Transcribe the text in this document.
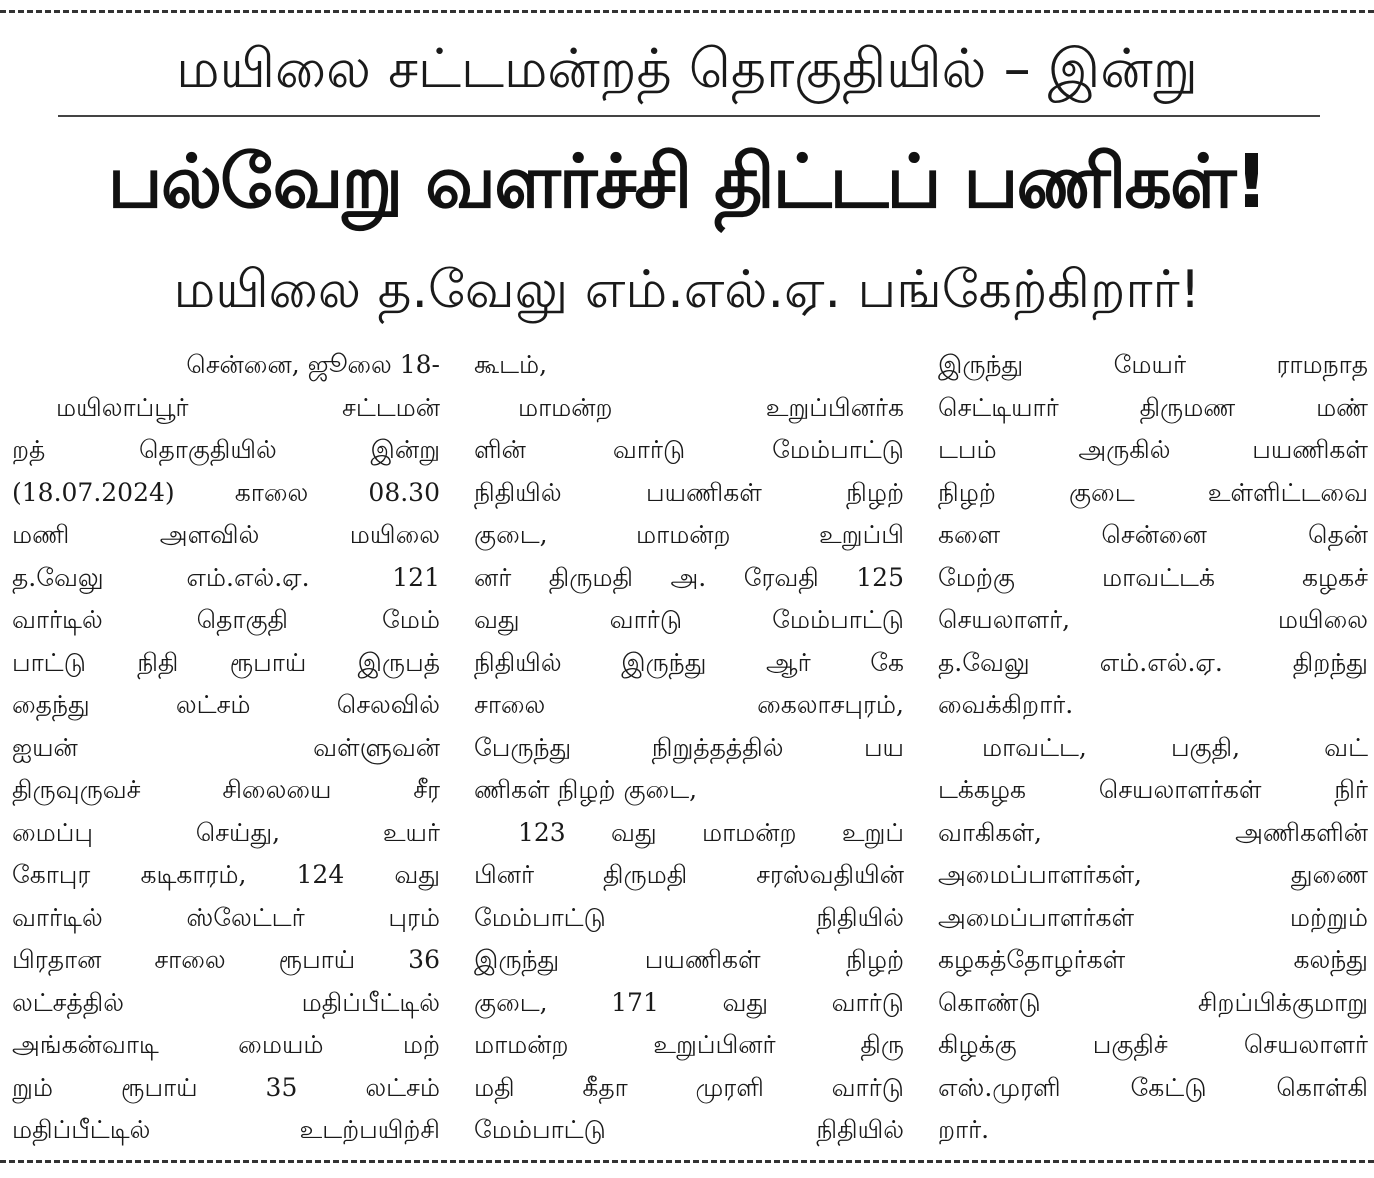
மயிலை சட்டமன்றத் தொகுதியில் – இன்று
பல்வேறு வளர்ச்சி திட்டப் பணிகள்!
மயிலை த.வேலு எம்.எல்.ஏ. பங்கேற்கிறார்!
சென்னை, ஜூலை 18-
மயிலாப்பூர் சட்டமன்
றத் தொகுதியில் இன்று
(18.07.2024) காலை 08.30
மணி அளவில் மயிலை
த.வேலு எம்.எல்.ஏ. 121
வார்டில் தொகுதி மேம்
பாட்டு நிதி ரூபாய் இருபத்
தைந்து லட்சம் செலவில்
ஐயன் வள்ளுவன்
திருவுருவச் சிலையை சீர
மைப்பு செய்து, உயர்
கோபுர கடிகாரம், 124 வது
வார்டில் ஸ்லேட்டர் புரம்
பிரதான சாலை ரூபாய் 36
லட்சத்தில் மதிப்பீட்டில்
அங்கன்வாடி மையம் மற்
றும் ரூபாய் 35 லட்சம்
மதிப்பீட்டில் உடற்பயிற்சி
கூடம்,
மாமன்ற உறுப்பினர்க
ளின் வார்டு மேம்பாட்டு
நிதியில் பயணிகள் நிழற்
குடை, மாமன்ற உறுப்பி
னர் திருமதி அ. ரேவதி 125
வது வார்டு மேம்பாட்டு
நிதியில் இருந்து ஆர் கே
சாலை கைலாசபுரம்,
பேருந்து நிறுத்தத்தில் பய
ணிகள் நிழற் குடை,
123 வது மாமன்ற உறுப்
பினர் திருமதி சரஸ்வதியின்
மேம்பாட்டு நிதியில்
இருந்து பயணிகள் நிழற்
குடை, 171 வது வார்டு
மாமன்ற உறுப்பினர் திரு
மதி கீதா முரளி வார்டு
மேம்பாட்டு நிதியில்
இருந்து மேயர் ராமநாத
செட்டியார் திருமண மண்
டபம் அருகில் பயணிகள்
நிழற் குடை உள்ளிட்டவை
களை சென்னை தென்
மேற்கு மாவட்டக் கழகச்
செயலாளர், மயிலை
த.வேலு எம்.எல்.ஏ. திறந்து
வைக்கிறார்.
மாவட்ட, பகுதி, வட்
டக்கழக செயலாளர்கள் நிர்
வாகிகள், அணிகளின்
அமைப்பாளர்கள், துணை
அமைப்பாளர்கள் மற்றும்
கழகத்தோழர்கள் கலந்து
கொண்டு சிறப்பிக்குமாறு
கிழக்கு பகுதிச் செயலாளர்
எஸ்.முரளி கேட்டு கொள்கி
றார்.
